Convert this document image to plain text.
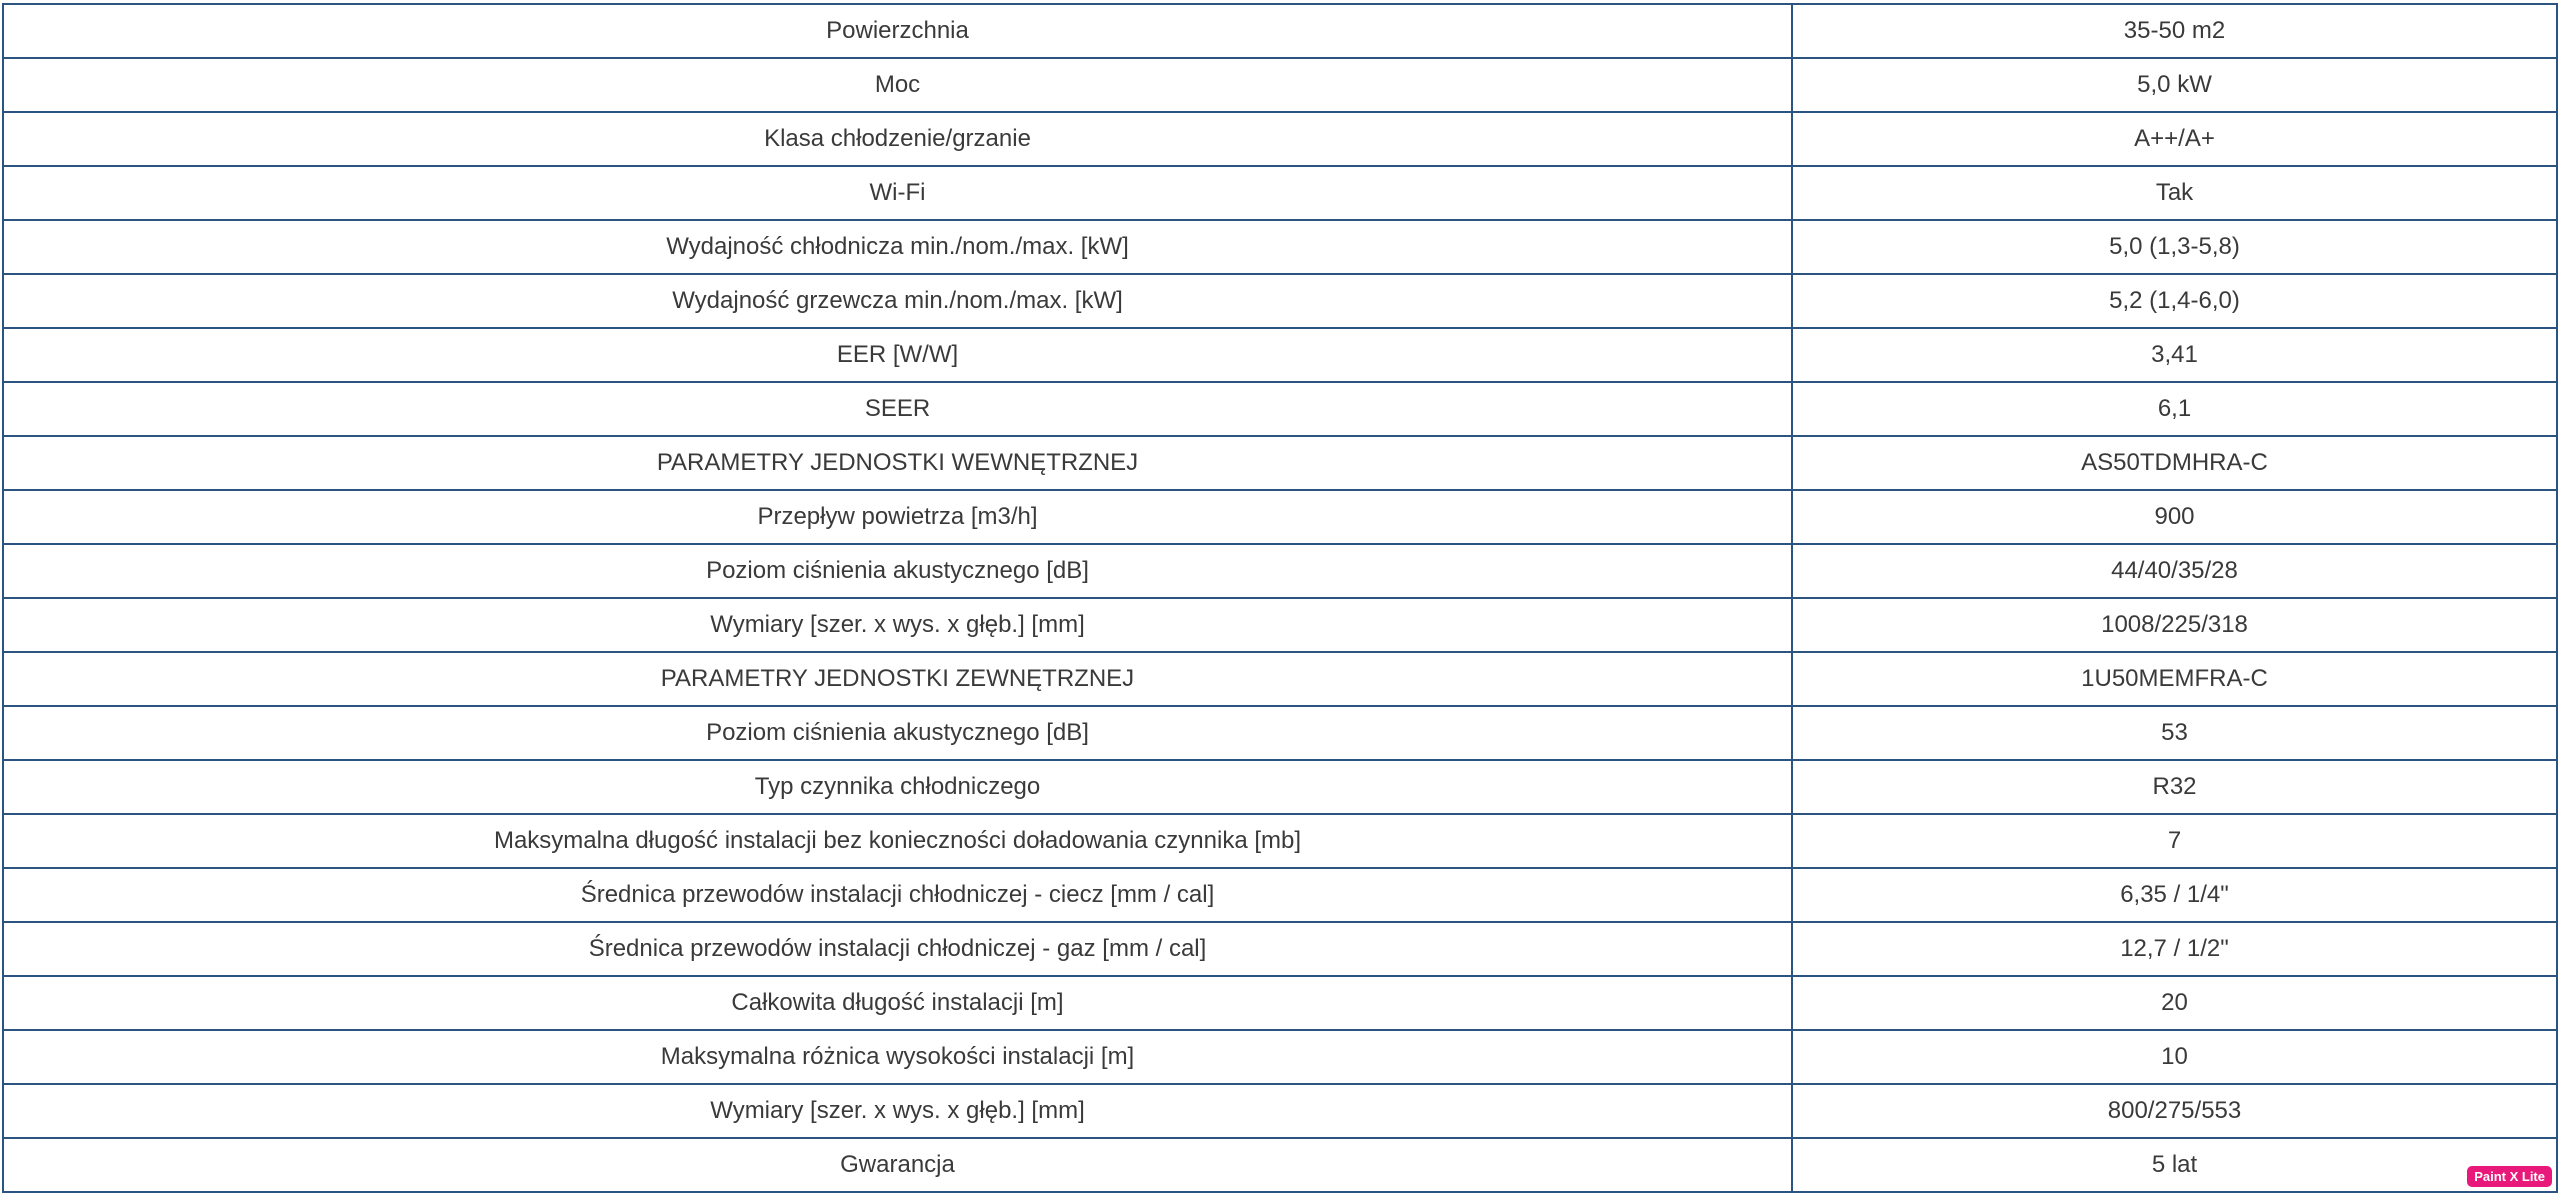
Powierzchnia	35-50 m2
Moc	5,0 kW
Klasa chłodzenie/grzanie	A++/A+
Wi-Fi	Tak
Wydajność chłodnicza min./nom./max. [kW]	5,0 (1,3-5,8)
Wydajność grzewcza min./nom./max. [kW]	5,2 (1,4-6,0)
EER [W/W]	3,41
SEER	6,1
PARAMETRY JEDNOSTKI WEWNĘTRZNEJ	AS50TDMHRA-C
Przepływ powietrza [m3/h]	900
Poziom ciśnienia akustycznego [dB]	44/40/35/28
Wymiary [szer. x wys. x głęb.] [mm]	1008/225/318
PARAMETRY JEDNOSTKI ZEWNĘTRZNEJ	1U50MEMFRA-C
Poziom ciśnienia akustycznego [dB]	53
Typ czynnika chłodniczego	R32
Maksymalna długość instalacji bez konieczności doładowania czynnika [mb]	7
Średnica przewodów instalacji chłodniczej - ciecz [mm / cal]	6,35 / 1/4"
Średnica przewodów instalacji chłodniczej - gaz [mm / cal]	12,7 / 1/2"
Całkowita długość instalacji [m]	20
Maksymalna różnica wysokości instalacji [m]	10
Wymiary [szer. x wys. x głęb.] [mm]	800/275/553
Gwarancja	5 lat	Paint X Lite
